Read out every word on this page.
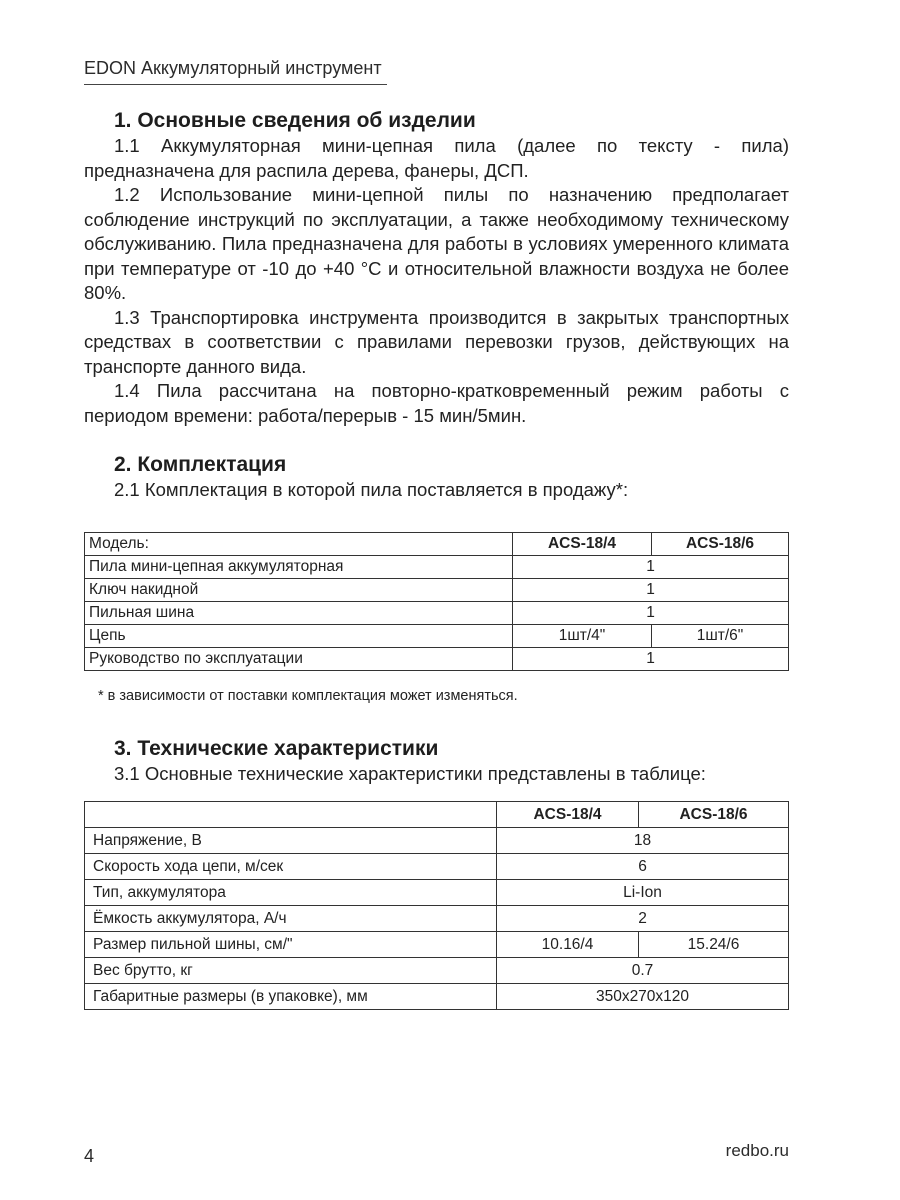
EDON Аккумуляторный инструмент
1. Основные сведения об изделии

1.1 Аккумуляторная мини-цепная пила (далее по тексту - пила) предназначена для распила дерева, фанеры, ДСП.

1.2 Использование мини-цепной пилы по назначению предполагает соблюдение инструкций по эксплуатации, а также необходимому техническому обслуживанию. Пила предназначена для работы в условиях умеренного климата при температуре от -10 до +40 °С и относительной влажности воздуха не более 80%.

1.3 Транспортировка инструмента производится в закрытых транспортных средствах в соответствии с правилами перевозки грузов, действующих на транспорте данного вида.

1.4 Пила рассчитана на повторно-кратковременный режим работы с периодом времени: работа/перерыв - 15 мин/5мин.

2. Комплектация
2.1 Комплектация в которой пила поставляется в продажу*:
Модель:	ACS-18/4	ACS-18/6
Пила мини-цепная аккумуляторная	1	
Ключ накидной	1	
Пильная шина	1	
Цепь	1шт/4"	1шт/6"
Руководство по эксплуатации	1	
* в зависимости от поставки комплектация может изменяться.
3. Технические характеристики
3.1 Основные технические характеристики представлены в таблице:
	ACS-18/4	ACS-18/6
Напряжение, В	18	
Скорость хода цепи, м/сек	6	
Тип, аккумулятора	Li-Ion	
Ёмкость аккумулятора, А/ч	2	
Размер пильной шины, см/"	10.16/4	15.24/6
Вес брутто, кг	0.7	
Габаритные размеры (в упаковке), мм	350x270x120	
4	redbo.ru
